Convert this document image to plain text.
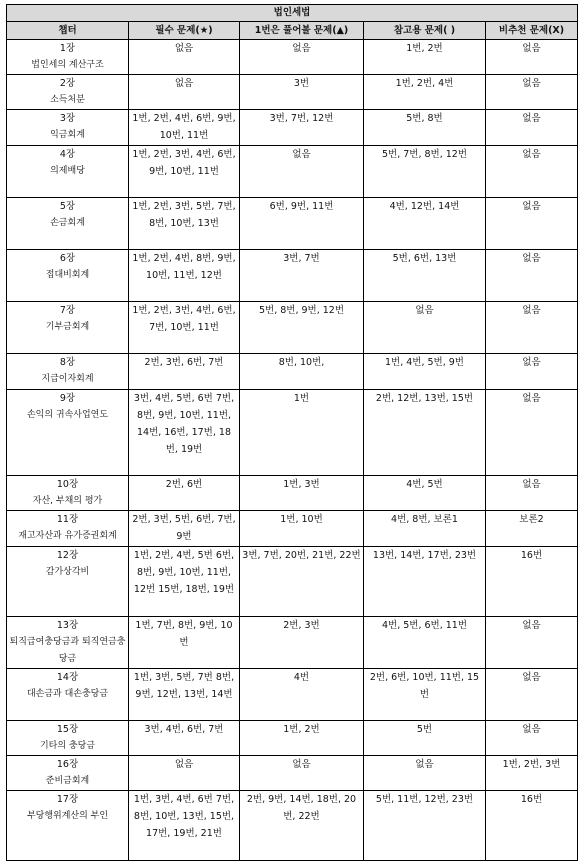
법인세법				
챕터	필수 문제(★)	1번은 풀어볼 문제(▲)	참고용 문제( )	비추천 문제(X)

1장
법인세의 계산구조	없음	없음	1번, 2번	없음

2장
소득처분	없음	3번	1번, 2번, 4번	없음

3장
익금회계	1번, 2번, 4번, 6번, 9번, 10번, 11번	3번, 7번, 12번	5번, 8번	없음

4장
의제배당	1번, 2번, 3번, 4번, 6번, 9번, 10번, 11번	없음	5번, 7번, 8번, 12번	없음

5장
손금회계	1번, 2번, 3번, 5번, 7번, 8번, 10번, 13번	6번, 9번, 11번	4번, 12번, 14번	없음

6장
접대비회계	1번, 2번, 4번, 8번, 9번, 10번, 11번, 12번	3번, 7번	5번, 6번, 13번	없음

7장
기부금회계	1번, 2번, 3번, 4번, 6번, 7번, 10번, 11번	5번, 8번, 9번, 12번	없음	없음

8장
지급이자회계	2번, 3번, 6번, 7번	8번, 10번,	1번, 4번, 5번, 9번	없음

9장
손익의 귀속사업연도	3번, 4번, 5번, 6번 7번, 8번, 9번, 10번, 11번, 14번, 16번, 17번, 18번, 19번	1번	2번, 12번, 13번, 15번	없음

10장
자산, 부채의 평가	2번, 6번	1번, 3번	4번, 5번	없음

11장
재고자산과 유가증권회계	2번, 3번, 5번, 6번, 7번, 9번	1번, 10번	4번, 8번, 보론1	보론2

12장
감가상각비	1번, 2번, 4번, 5번 6번, 8번, 9번, 10번, 11번, 12번 15번, 18번, 19번	3번, 7번, 20번, 21번, 22번	13번, 14번, 17번, 23번	16번

13장
퇴직급여충당금과 퇴직연금충당금	1번, 7번, 8번, 9번, 10번	2번, 3번	4번, 5번, 6번, 11번	없음

14장
대손금과 대손충당금	1번, 3번, 5번, 7번 8번, 9번, 12번, 13번, 14번	4번	2번, 6번, 10번, 11번, 15번	없음

15장
기타의 충당금	3번, 4번, 6번, 7번	1번, 2번	5번	없음

16장
준비금회계	없음	없음	없음	1번, 2번, 3번

17장
부당행위계산의 부인	1번, 3번, 4번, 6번 7번, 8번, 10번, 13번, 15번, 17번, 19번, 21번	2번, 9번, 14번, 18번, 20번, 22번	5번, 11번, 12번, 23번	16번
